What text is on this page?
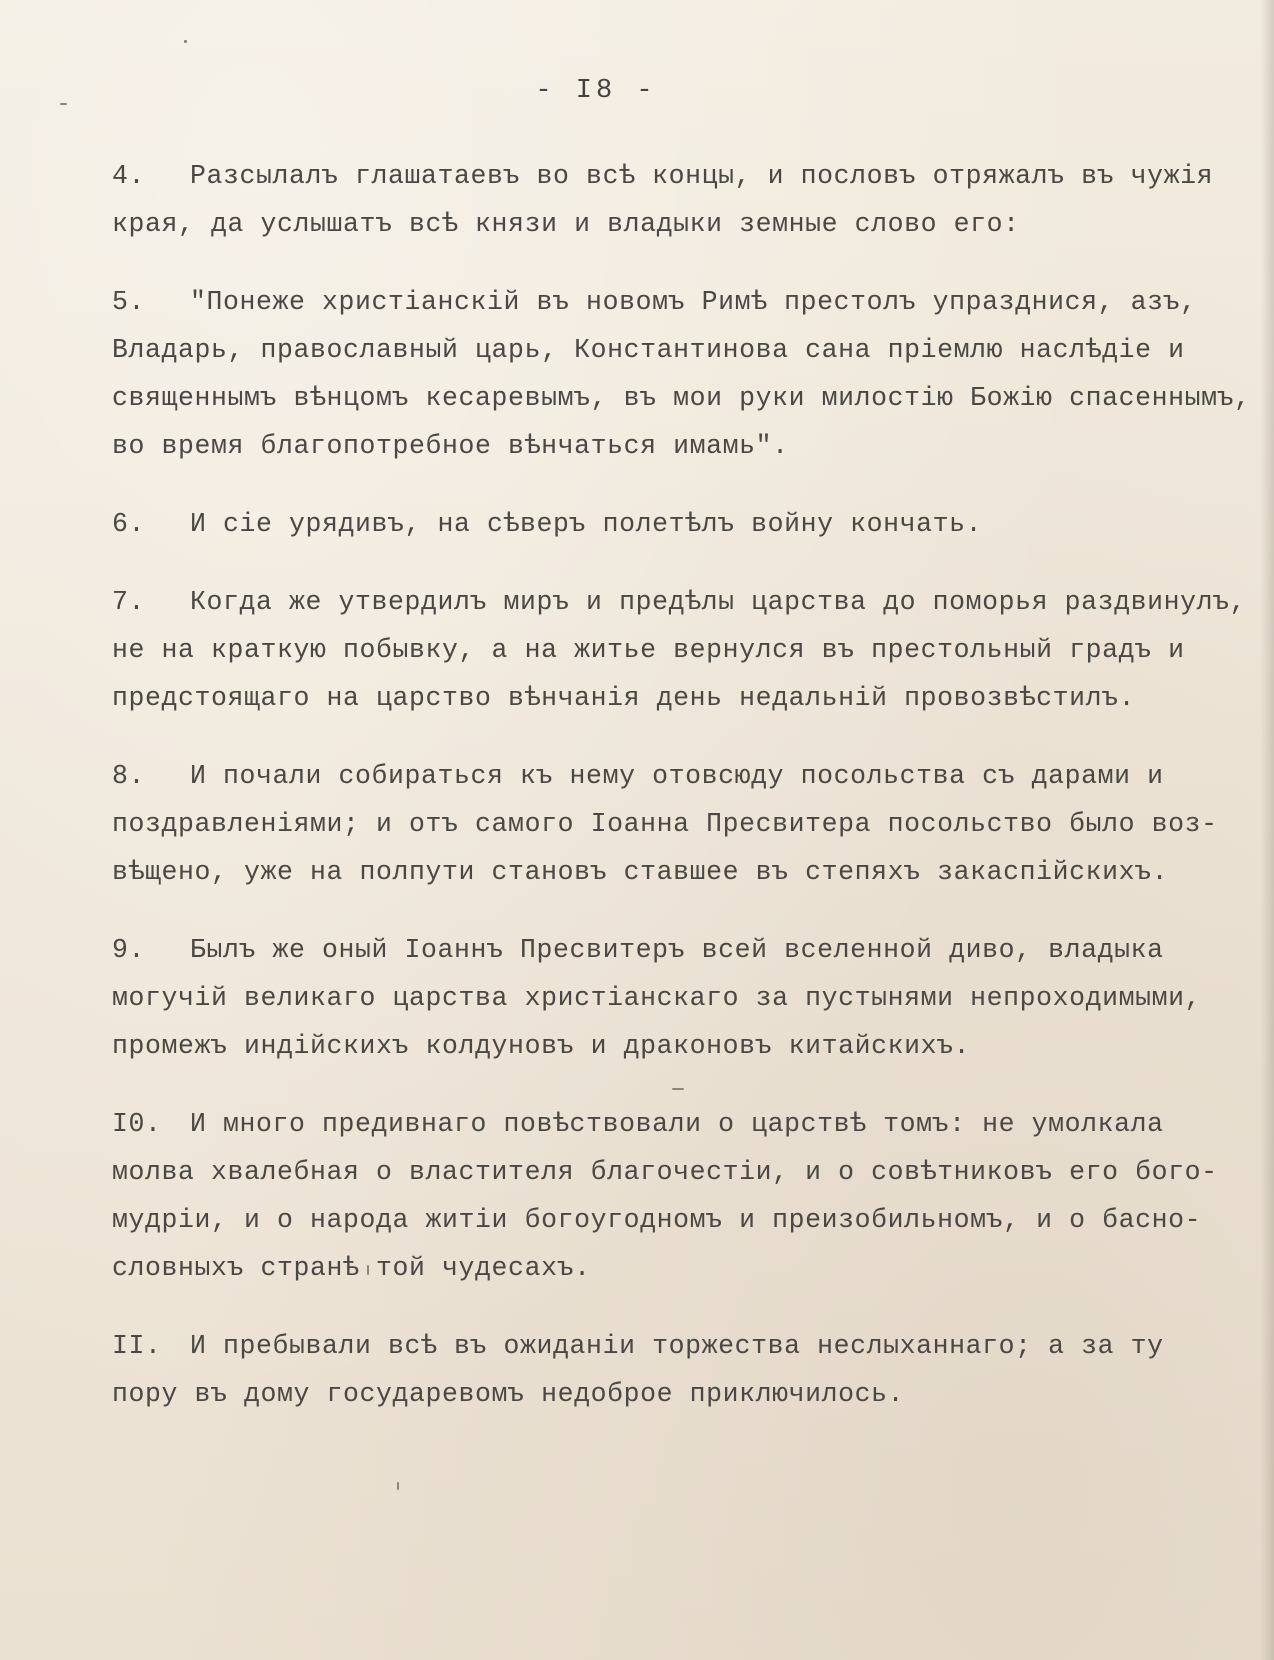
- I8 -
4. Разсылалъ глашатаевъ во всѣ концы, и пословъ отряжалъ въ чужія
края, да услышатъ всѣ князи и владыки земные слово его:
5. "Понеже христіанскій въ новомъ Римѣ престолъ упразднися, азъ,
Владарь, православный царь, Константинова сана пріемлю наслѣдіе и
священнымъ вѣнцомъ кесаревымъ, въ мои руки милостію Божію спасеннымъ,
во время благопотребное вѣнчаться имамь".
6. И сіе урядивъ, на сѣверъ полетѣлъ войну кончать.
7. Когда же утвердилъ миръ и предѣлы царства до поморья раздвинулъ,
не на краткую побывку, а на житье вернулся въ престольный градъ и
предстоящаго на царство вѣнчанія день недальній провозвѣстилъ.
8. И почали собираться къ нему отовсюду посольства съ дарами и
поздравленіями; и отъ самого Іоанна Пресвитера посольство было воз-
вѣщено, уже на полпути становъ ставшее въ степяхъ закаспійскихъ.
9. Былъ же оный Іоаннъ Пресвитеръ всей вселенной диво, владыка
могучій великаго царства христіанскаго за пустынями непроходимыми,
промежъ индійскихъ колдуновъ и драконовъ китайскихъ.
I0. И много предивнаго повѣствовали о царствѣ томъ: не умолкала
молва хвалебная о властителя благочестіи, и о совѣтниковъ его бого-
мудріи, и о народа житіи богоугодномъ и преизобильномъ, и о басно-
словныхъ странѣ той чудесахъ.
II. И пребывали всѣ въ ожиданіи торжества неслыханнаго; а за ту
пору въ дому государевомъ недоброе приключилось.
